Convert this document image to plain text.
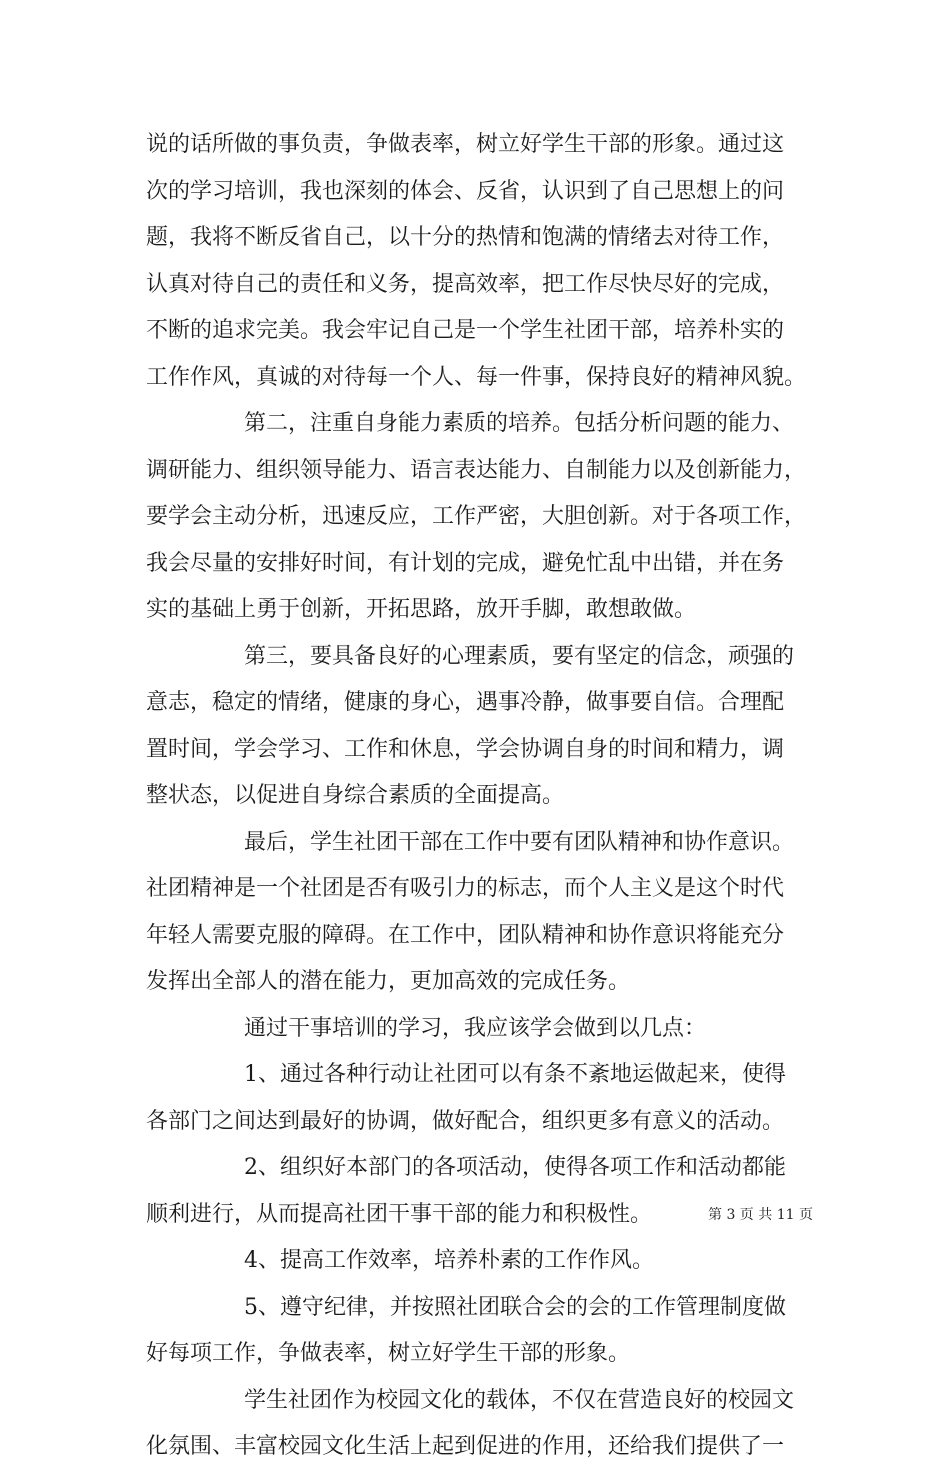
说的话所做的事负责，争做表率，树立好学生干部的形象。通过这
次的学习培训，我也深刻的体会、反省，认识到了自己思想上的问
题，我将不断反省自己，以十分的热情和饱满的情绪去对待工作，
认真对待自己的责任和义务，提高效率，把工作尽快尽好的完成，
不断的追求完美。我会牢记自己是一个学生社团干部，培养朴实的
工作作风，真诚的对待每一个人、每一件事，保持良好的精神风貌。
第二，注重自身能力素质的培养。包括分析问题的能力、
调研能力、组织领导能力、语言表达能力、自制能力以及创新能力，
要学会主动分析，迅速反应，工作严密，大胆创新。对于各项工作，
我会尽量的安排好时间，有计划的完成，避免忙乱中出错，并在务
实的基础上勇于创新，开拓思路，放开手脚，敢想敢做。
第三，要具备良好的心理素质，要有坚定的信念，顽强的
意志，稳定的情绪，健康的身心，遇事冷静，做事要自信。合理配
置时间，学会学习、工作和休息，学会协调自身的时间和精力，调
整状态，以促进自身综合素质的全面提高。
最后，学生社团干部在工作中要有团队精神和协作意识。
社团精神是一个社团是否有吸引力的标志，而个人主义是这个时代
年轻人需要克服的障碍。在工作中，团队精神和协作意识将能充分
发挥出全部人的潜在能力，更加高效的完成任务。
通过干事培训的学习，我应该学会做到以几点：
1、通过各种行动让社团可以有条不紊地运做起来，使得
各部门之间达到最好的协调，做好配合，组织更多有意义的活动。
2、组织好本部门的各项活动，使得各项工作和活动都能
顺利进行，从而提高社团干事干部的能力和积极性。
4、提高工作效率，培养朴素的工作作风。
5、遵守纪律，并按照社团联合会的会的工作管理制度做
好每项工作，争做表率，树立好学生干部的形象。
学生社团作为校园文化的载体，不仅在营造良好的校园文
化氛围、丰富校园文化生活上起到促进的作用，还给我们提供了一
第 3 页 共 11 页
